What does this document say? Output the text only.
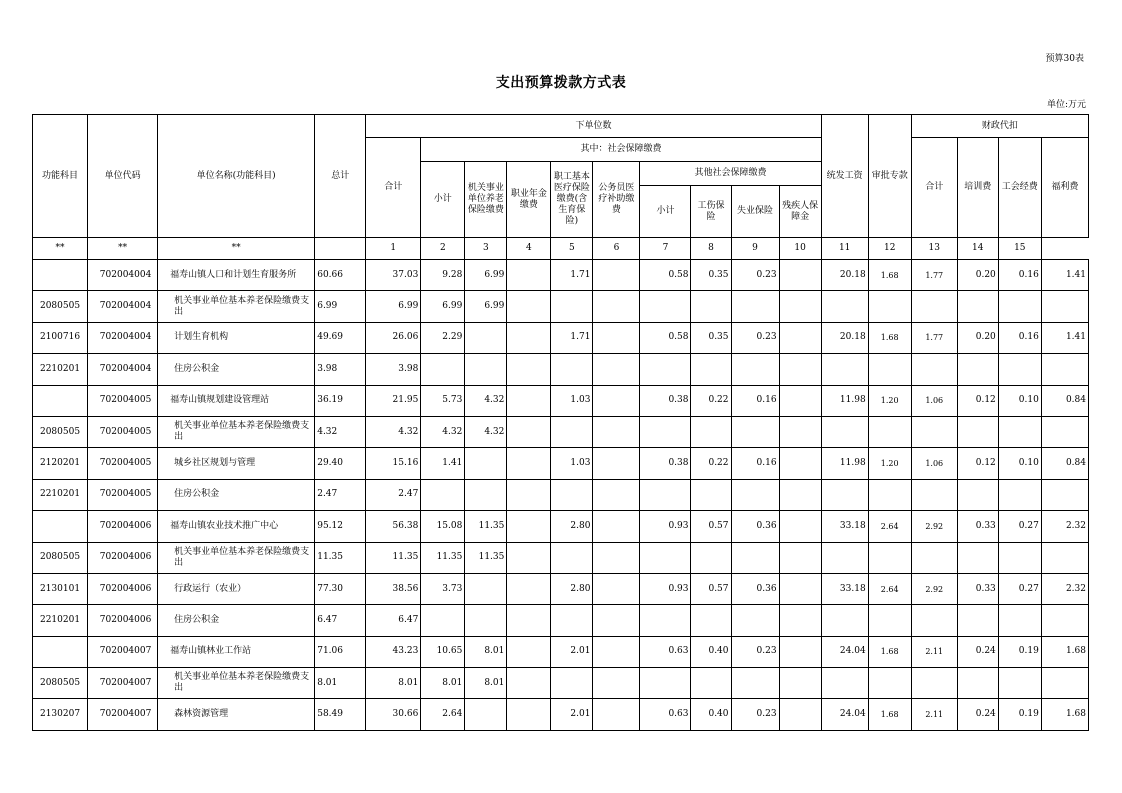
预算30表
支出预算拨款方式表
单位:万元
功能科目	单位代码	单位名称(功能科目)	总计	下单位数										统发工资	审批专款	财政代扣			
				合计	其中：社会保障缴费											合计	培训费	工会经费	福利费
					小计	机关事业单位养老保险缴费	职业年金缴费	职工基本医疗保险缴费(含生育保险)	公务员医疗补助缴费	其他社会保障缴费									
										小计	工伤保险	失业保险	残疾人保障金						
**	**	**		1	2	3	4	5	6	7	8	9	10	11	12	13	14	15	
	702004004	福寿山镇人口和计划生育服务所	60.66	37.03	9.28	6.99		1.71		0.58	0.35	0.23		20.18	1.68	1.77	0.20	0.16	1.41
2080505	702004004	机关事业单位基本养老保险缴费支出	6.99	6.99	6.99	6.99													
2100716	702004004	计划生育机构	49.69	26.06	2.29			1.71		0.58	0.35	0.23		20.18	1.68	1.77	0.20	0.16	1.41
2210201	702004004	住房公积金	3.98	3.98															
	702004005	福寿山镇规划建设管理站	36.19	21.95	5.73	4.32		1.03		0.38	0.22	0.16		11.98	1.20	1.06	0.12	0.10	0.84
2080505	702004005	机关事业单位基本养老保险缴费支出	4.32	4.32	4.32	4.32													
2120201	702004005	城乡社区规划与管理	29.40	15.16	1.41			1.03		0.38	0.22	0.16		11.98	1.20	1.06	0.12	0.10	0.84
2210201	702004005	住房公积金	2.47	2.47															
	702004006	福寿山镇农业技术推广中心	95.12	56.38	15.08	11.35		2.80		0.93	0.57	0.36		33.18	2.64	2.92	0.33	0.27	2.32
2080505	702004006	机关事业单位基本养老保险缴费支出	11.35	11.35	11.35	11.35													
2130101	702004006	行政运行（农业）	77.30	38.56	3.73			2.80		0.93	0.57	0.36		33.18	2.64	2.92	0.33	0.27	2.32
2210201	702004006	住房公积金	6.47	6.47															
	702004007	福寿山镇林业工作站	71.06	43.23	10.65	8.01		2.01		0.63	0.40	0.23		24.04	1.68	2.11	0.24	0.19	1.68
2080505	702004007	机关事业单位基本养老保险缴费支出	8.01	8.01	8.01	8.01													
2130207	702004007	森林资源管理	58.49	30.66	2.64			2.01		0.63	0.40	0.23		24.04	1.68	2.11	0.24	0.19	1.68
